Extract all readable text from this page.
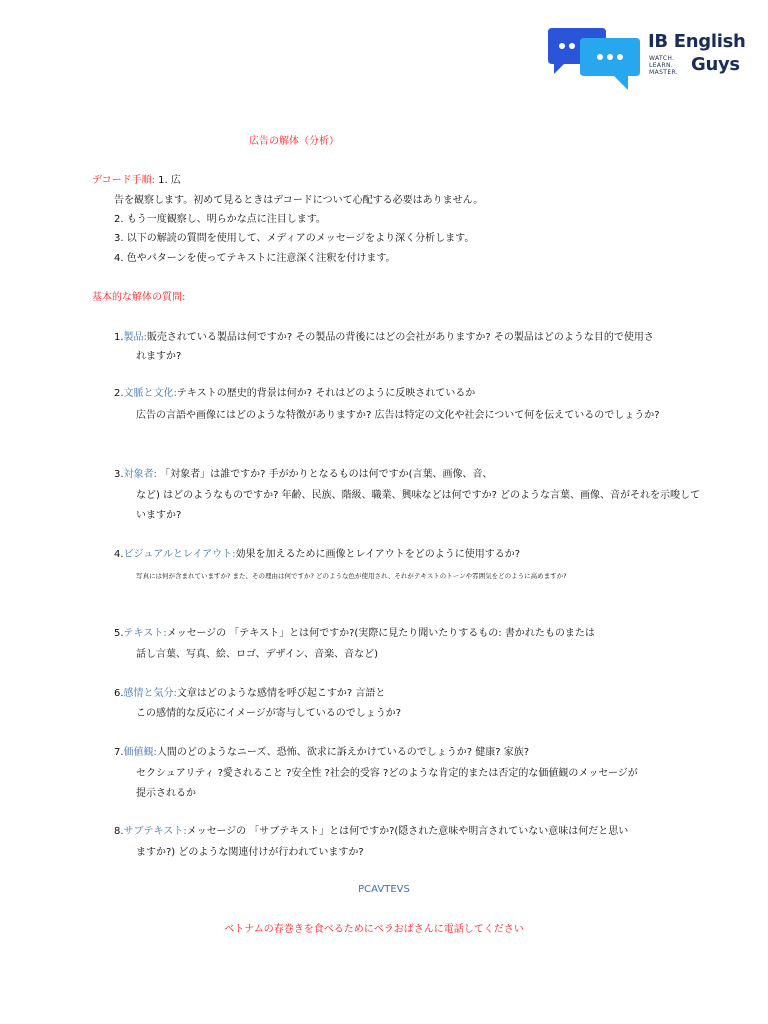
IB English
WATCH.
LEARN.
MASTER. Guys
広告の解体（分析）
デコード手順: 1. 広
告を観察します。初めて見るときはデコードについて心配する必要はありません。
2. もう一度観察し、明らかな点に注目します。
3. 以下の解読の質問を使用して、メディアのメッセージをより深く分析します。
4. 色やパターンを使ってテキストに注意深く注釈を付けます。
基本的な解体の質問:
1.製品:販売されている製品は何ですか? その製品の背後にはどの会社がありますか? その製品はどのような目的で使用さ
れますか?
2.文脈と文化:テキストの歴史的背景は何か? それはどのように反映されているか
広告の言語や画像にはどのような特徴がありますか? 広告は特定の文化や社会について何を伝えているのでしょうか?
3.対象者: 「対象者」は誰ですか? 手がかりとなるものは何ですか(言葉、画像、音、
など) はどのようなものですか? 年齢、民族、階級、職業、興味などは何ですか? どのような言葉、画像、音がそれを示唆して
いますか?
4.ビジュアルとレイアウト:効果を加えるために画像とレイアウトをどのように使用するか?
写真には何が含まれていますか? また、その理由は何ですか? どのような色が使用され、それがテキストのトーンや雰囲気をどのように高めますか?
5.テキスト:メッセージの 「テキスト」とは何ですか?(実際に見たり聞いたりするもの: 書かれたものまたは
話し言葉、写真、絵、ロゴ、デザイン、音楽、音など)
6.感情と気分:文章はどのような感情を呼び起こすか? 言語と
この感情的な反応にイメージが寄与しているのでしょうか?
7.価値観:人間のどのようなニーズ、恐怖、欲求に訴えかけているのでしょうか? 健康? 家族?
セクシュアリティ ?愛されること ?安全性 ?社会的受容 ?どのような肯定的または否定的な価値観のメッセージが
提示されるか
8.サブテキスト:メッセージの 「サブテキスト」とは何ですか?(隠された意味や明言されていない意味は何だと思い
ますか?) どのような関連付けが行われていますか?
PCAVTEVS
ベトナムの春巻きを食べるためにベラおばさんに電話してください
